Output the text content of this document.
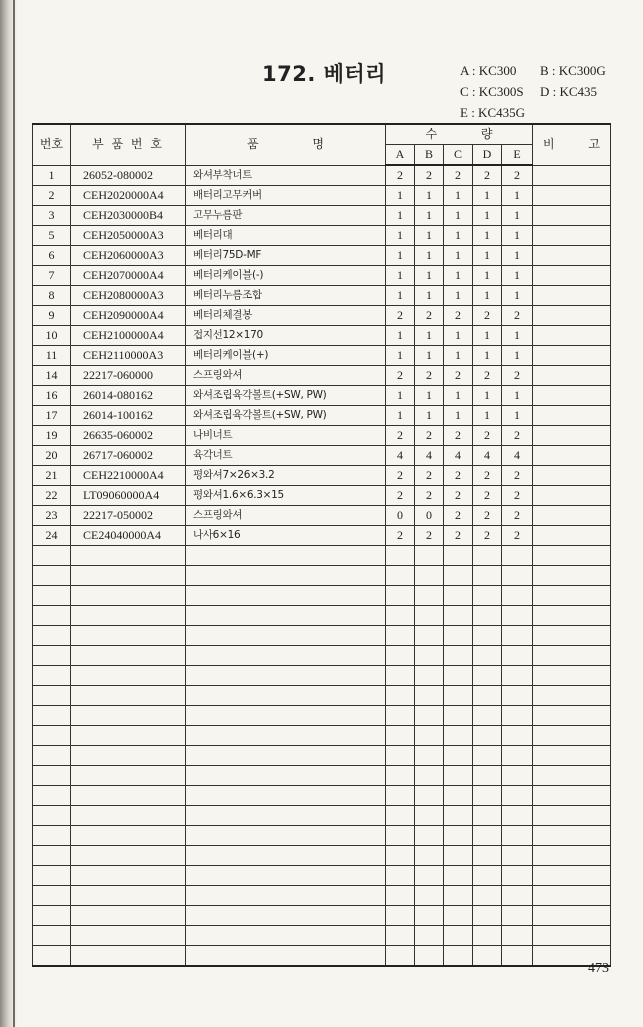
172. 베터리	A : KC300 B : KC300G
C : KC300S D : KC435
E : KC435G
번호	부 품 번 호	품 명	수 량					비 고
			A	B	C	D	E	
1	26052-080002	와셔부착너트	2	2	2	2	2	
2	CEH2020000A4	배터리고무커버	1	1	1	1	1	
3	CEH2030000B4	고무누름판	1	1	1	1	1	
5	CEH2050000A3	베터리대	1	1	1	1	1	
6	CEH2060000A3	베터리75D-MF	1	1	1	1	1	
7	CEH2070000A4	베터리케이블(-)	1	1	1	1	1	
8	CEH2080000A3	베터리누름조합	1	1	1	1	1	
9	CEH2090000A4	베터리체결봉	2	2	2	2	2	
10	CEH2100000A4	접지선12×170	1	1	1	1	1	
11	CEH2110000A3	베터리케이블(+)	1	1	1	1	1	
14	22217-060000	스프링와셔	2	2	2	2	2	
16	26014-080162	와셔조립육각볼트(+SW, PW)	1	1	1	1	1	
17	26014-100162	와셔조립육각볼트(+SW, PW)	1	1	1	1	1	
19	26635-060002	나비너트	2	2	2	2	2	
20	26717-060002	육각너트	4	4	4	4	4	
21	CEH2210000A4	평와셔7×26×3.2	2	2	2	2	2	
22	LT09060000A4	평와셔1.6×6.3×15	2	2	2	2	2	
23	22217-050002	스프링와셔	0	0	2	2	2	
24	CE24040000A4	나사6×16	2	2	2	2	2	

473
